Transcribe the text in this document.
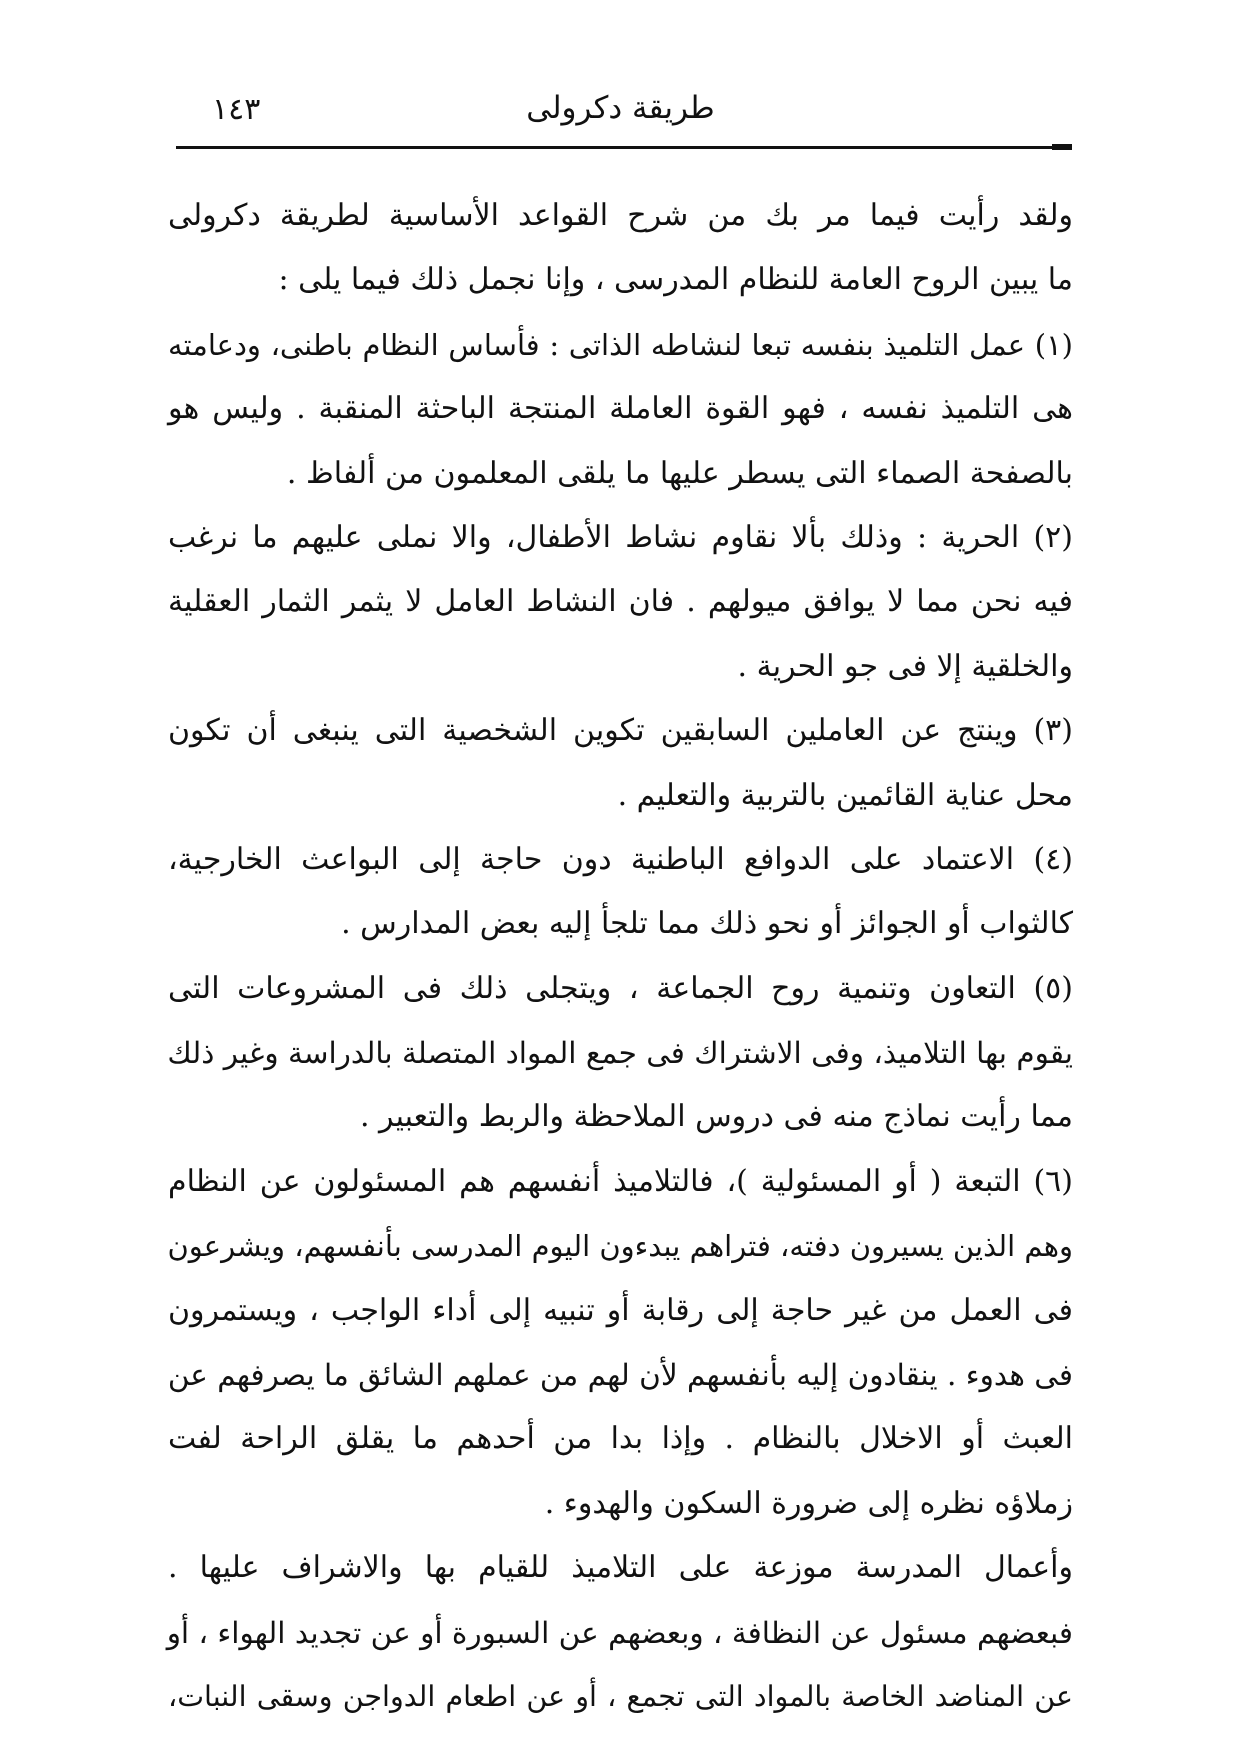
طريقة دكرولى
١٤٣
ولقد رأيت فيما مر بك من شرح القواعد الأساسية لطريقة دكرولى
ما يبين الروح العامة للنظام المدرسى ، وإنا نجمل ذلك فيما يلى :
(١) عمل التلميذ بنفسه تبعا لنشاطه الذاتى : فأساس النظام باطنى، ودعامته
هى التلميذ نفسه ، فهو القوة العاملة المنتجة الباحثة المنقبة . وليس هو
بالصفحة الصماء التى يسطر عليها ما يلقى المعلمون من ألفاظ .
(٢) الحرية : وذلك بألا نقاوم نشاط الأطفال، والا نملى عليهم ما نرغب
فيه نحن مما لا يوافق ميولهم . فان النشاط العامل لا يثمر الثمار العقلية
والخلقية إلا فى جو الحرية .
(٣) وينتج عن العاملين السابقين تكوين الشخصية التى ينبغى أن تكون
محل عناية القائمين بالتربية والتعليم .
(٤) الاعتماد على الدوافع الباطنية دون حاجة إلى البواعث الخارجية،
كالثواب أو الجوائز أو نحو ذلك مما تلجأ إليه بعض المدارس .
(٥) التعاون وتنمية روح الجماعة ، ويتجلى ذلك فى المشروعات التى
يقوم بها التلاميذ، وفى الاشتراك فى جمع المواد المتصلة بالدراسة وغير ذلك
مما رأيت نماذج منه فى دروس الملاحظة والربط والتعبير .
(٦) التبعة ( أو المسئولية )، فالتلاميذ أنفسهم هم المسئولون عن النظام
وهم الذين يسيرون دفته، فتراهم يبدءون اليوم المدرسى بأنفسهم، ويشرعون
فى العمل من غير حاجة إلى رقابة أو تنبيه إلى أداء الواجب ، ويستمرون
فى هدوء . ينقادون إليه بأنفسهم لأن لهم من عملهم الشائق ما يصرفهم عن
العبث أو الاخلال بالنظام . وإذا بدا من أحدهم ما يقلق الراحة لفت
زملاؤه نظره إلى ضرورة السكون والهدوء .
وأعمال المدرسة موزعة على التلاميذ للقيام بها والاشراف عليها .
فبعضهم مسئول عن النظافة ، وبعضهم عن السبورة أو عن تجديد الهواء ، أو
عن المناضد الخاصة بالمواد التى تجمع ، أو عن اطعام الدواجن وسقى النبات،
